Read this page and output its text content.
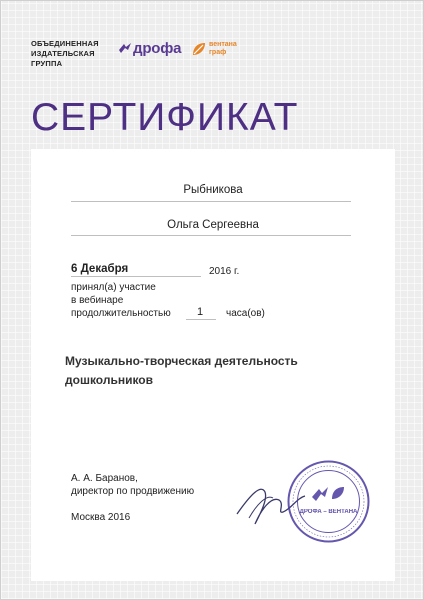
ОБЪЕДИНЕННАЯ
ИЗДАТЕЛЬСКАЯ
ГРУППА
дрофа	вентана
граф
СЕРТИФИКАТ
Рыбникова
Ольга Сергеевна
6 Декабря	2016 г.
принял(а) участие
в вебинаре
продолжительностью 1 часа(ов)
Музыкально-творческая деятельность дошкольников
А. А. Баранов,
директор по продвижению
Москва 2016	ДРОФА – ВЕНТАНА
